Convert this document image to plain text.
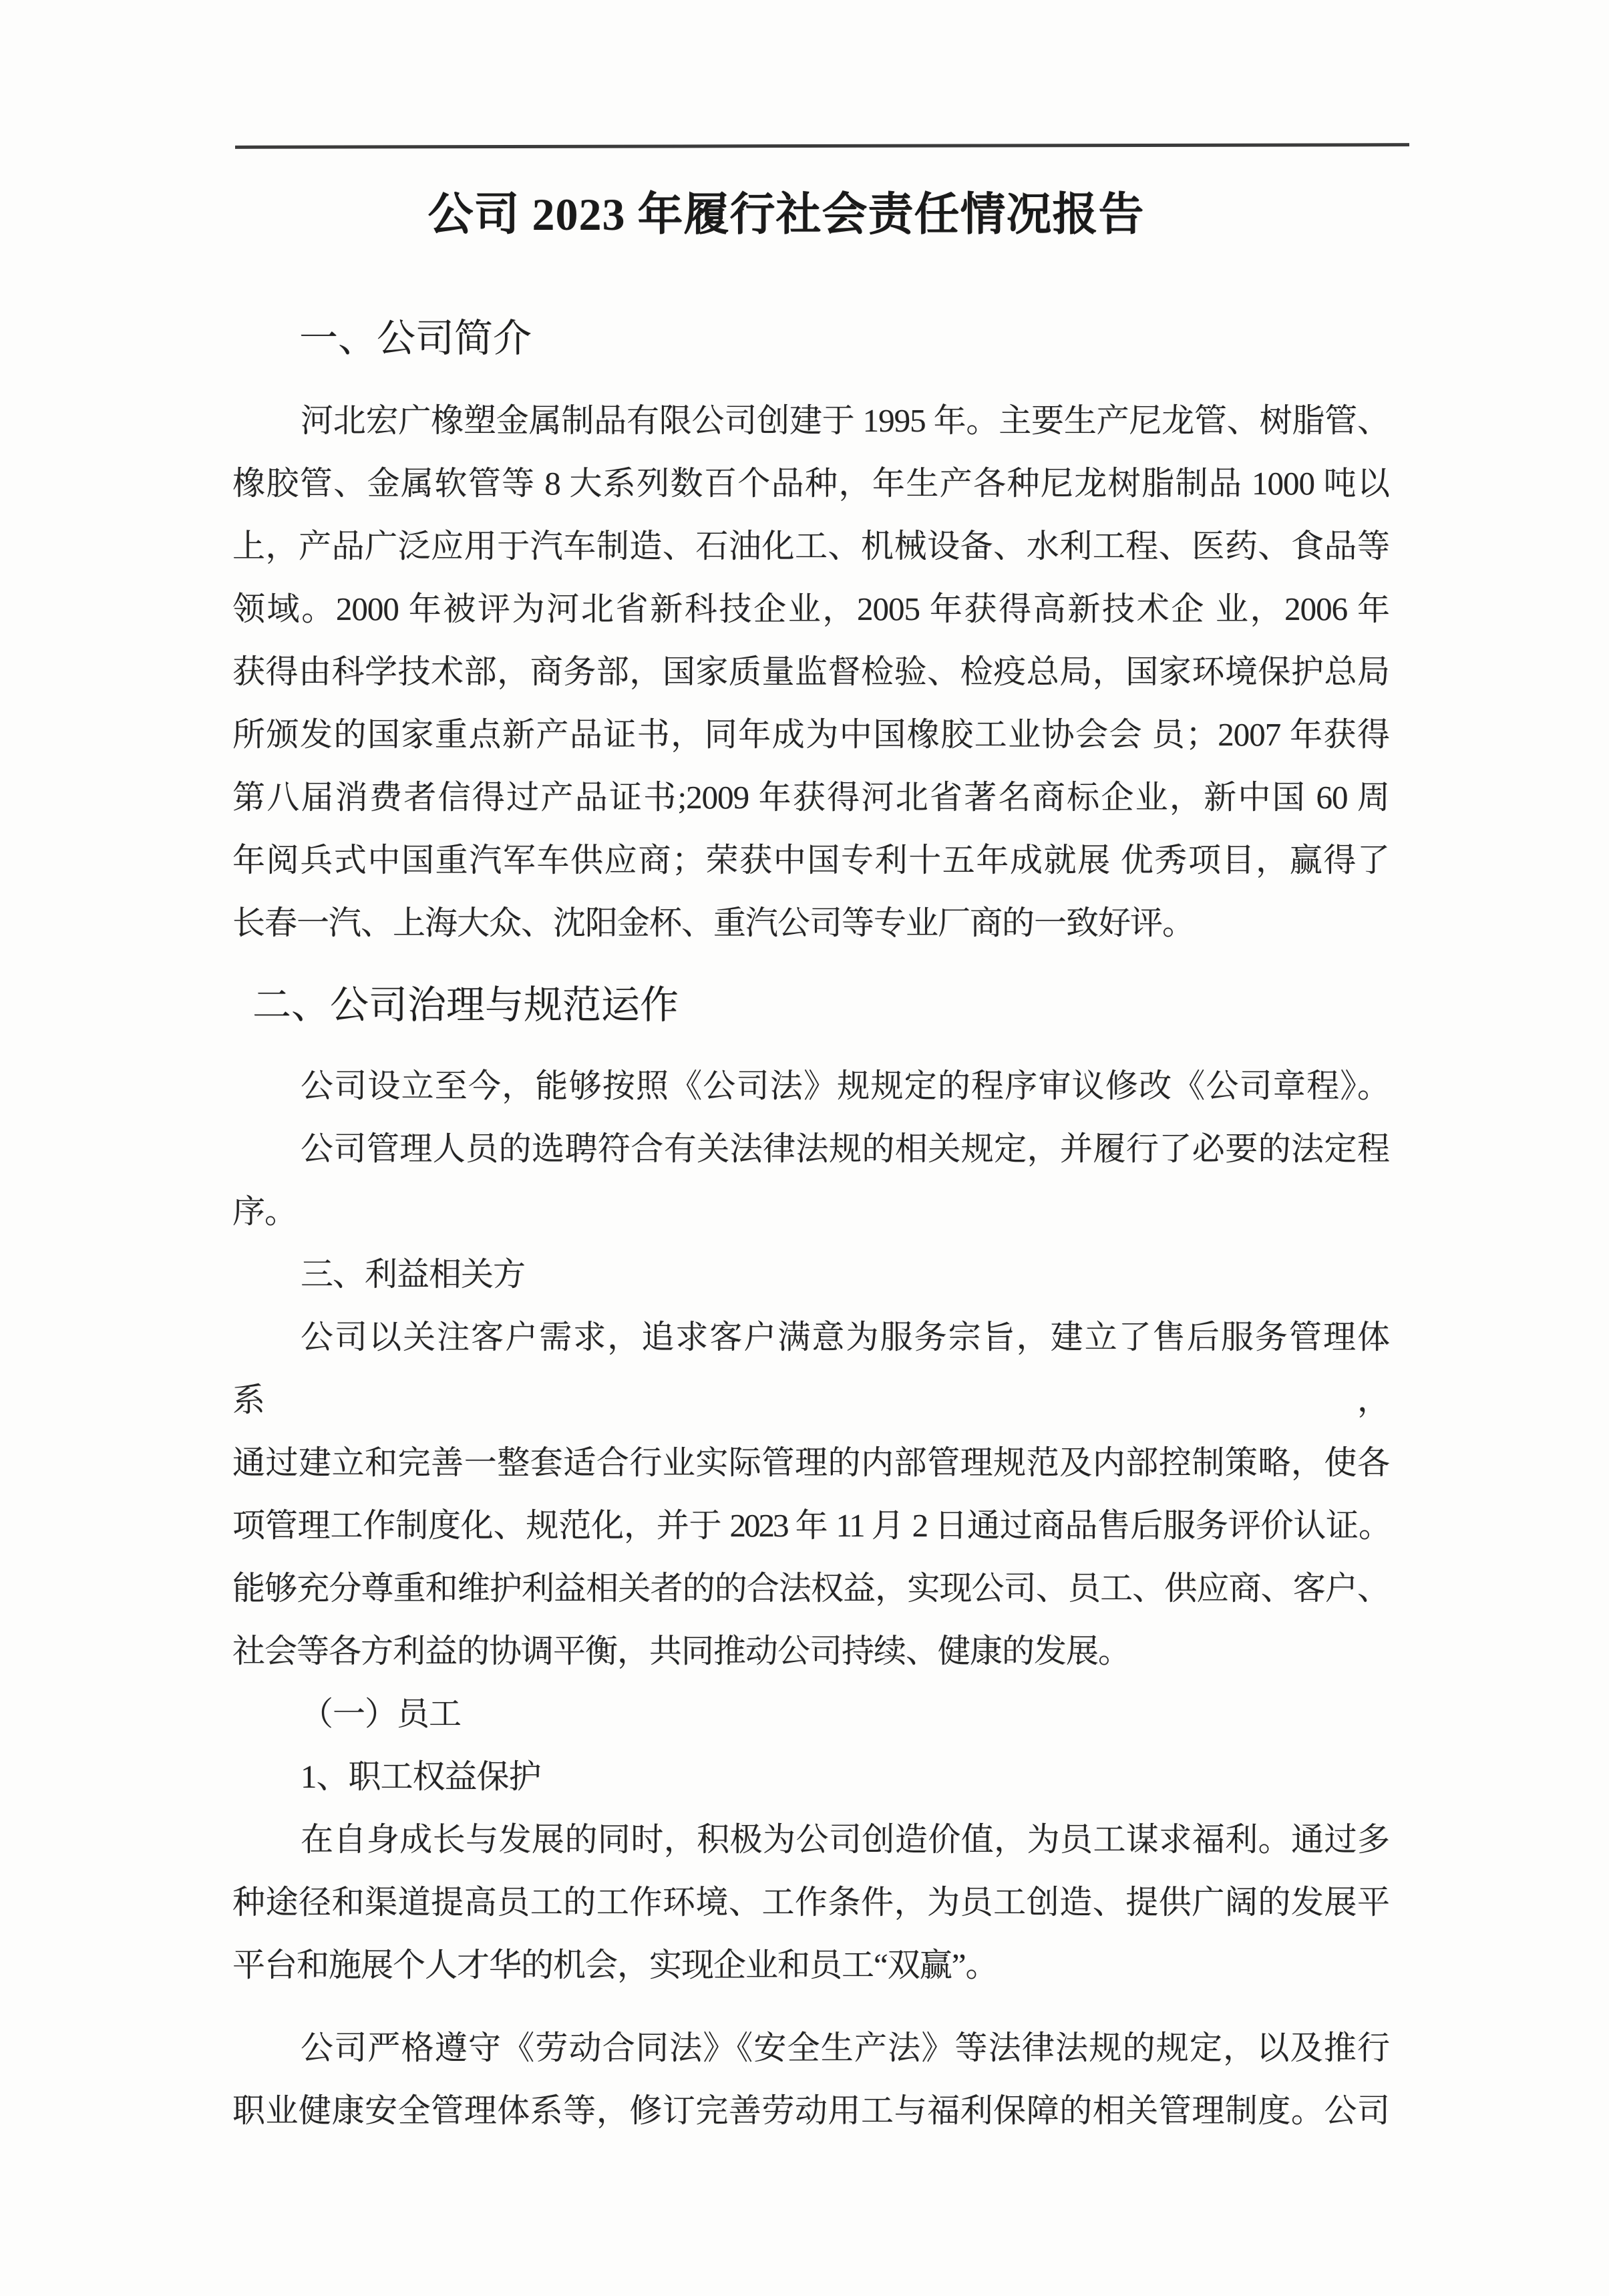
公司 2023 年履行社会责任情况报告
一、公司简介
河北宏广橡塑金属制品有限公司创建于 1995 年。主要生产尼龙管、树脂管、
橡胶管、金属软管等 8 大系列数百个品种，年生产各种尼龙树脂制品 1000 吨以
上，产品广泛应用于汽车制造、石油化工、机械设备、水利工程、医药、食品等
领域。2000 年被评为河北省新科技企业，2005 年获得高新技术企 业，2006 年
获得由科学技术部，商务部，国家质量监督检验、检疫总局，国家环境保护总局
所颁发的国家重点新产品证书，同年成为中国橡胶工业协会会 员；2007 年获得
第八届消费者信得过产品证书;2009 年获得河北省著名商标企业，新中国 60 周
年阅兵式中国重汽军车供应商；荣获中国专利十五年成就展 优秀项目，赢得了
长春一汽、上海大众、沈阳金杯、重汽公司等专业厂商的一致好评。
二、公司治理与规范运作
公司设立至今，能够按照《公司法》规规定的程序审议修改《公司章程》。
公司管理人员的选聘符合有关法律法规的相关规定，并履行了必要的法定程
序。
三、利益相关方
公司以关注客户需求，追求客户满意为服务宗旨，建立了售后服务管理体系，
通过建立和完善一整套适合行业实际管理的内部管理规范及内部控制策略，使各
项管理工作制度化、规范化，并于 2023 年 11 月 2 日通过商品售后服务评价认证。
能够充分尊重和维护利益相关者的的合法权益，实现公司、员工、供应商、客户、
社会等各方利益的协调平衡，共同推动公司持续、健康的发展。
（一）员工
1、职工权益保护
在自身成长与发展的同时，积极为公司创造价值，为员工谋求福利。通过多
种途径和渠道提高员工的工作环境、工作条件，为员工创造、提供广阔的发展平
平台和施展个人才华的机会，实现企业和员工“双赢”。
公司严格遵守《劳动合同法》《安全生产法》等法律法规的规定，以及推行
职业健康安全管理体系等，修订完善劳动用工与福利保障的相关管理制度。公司
